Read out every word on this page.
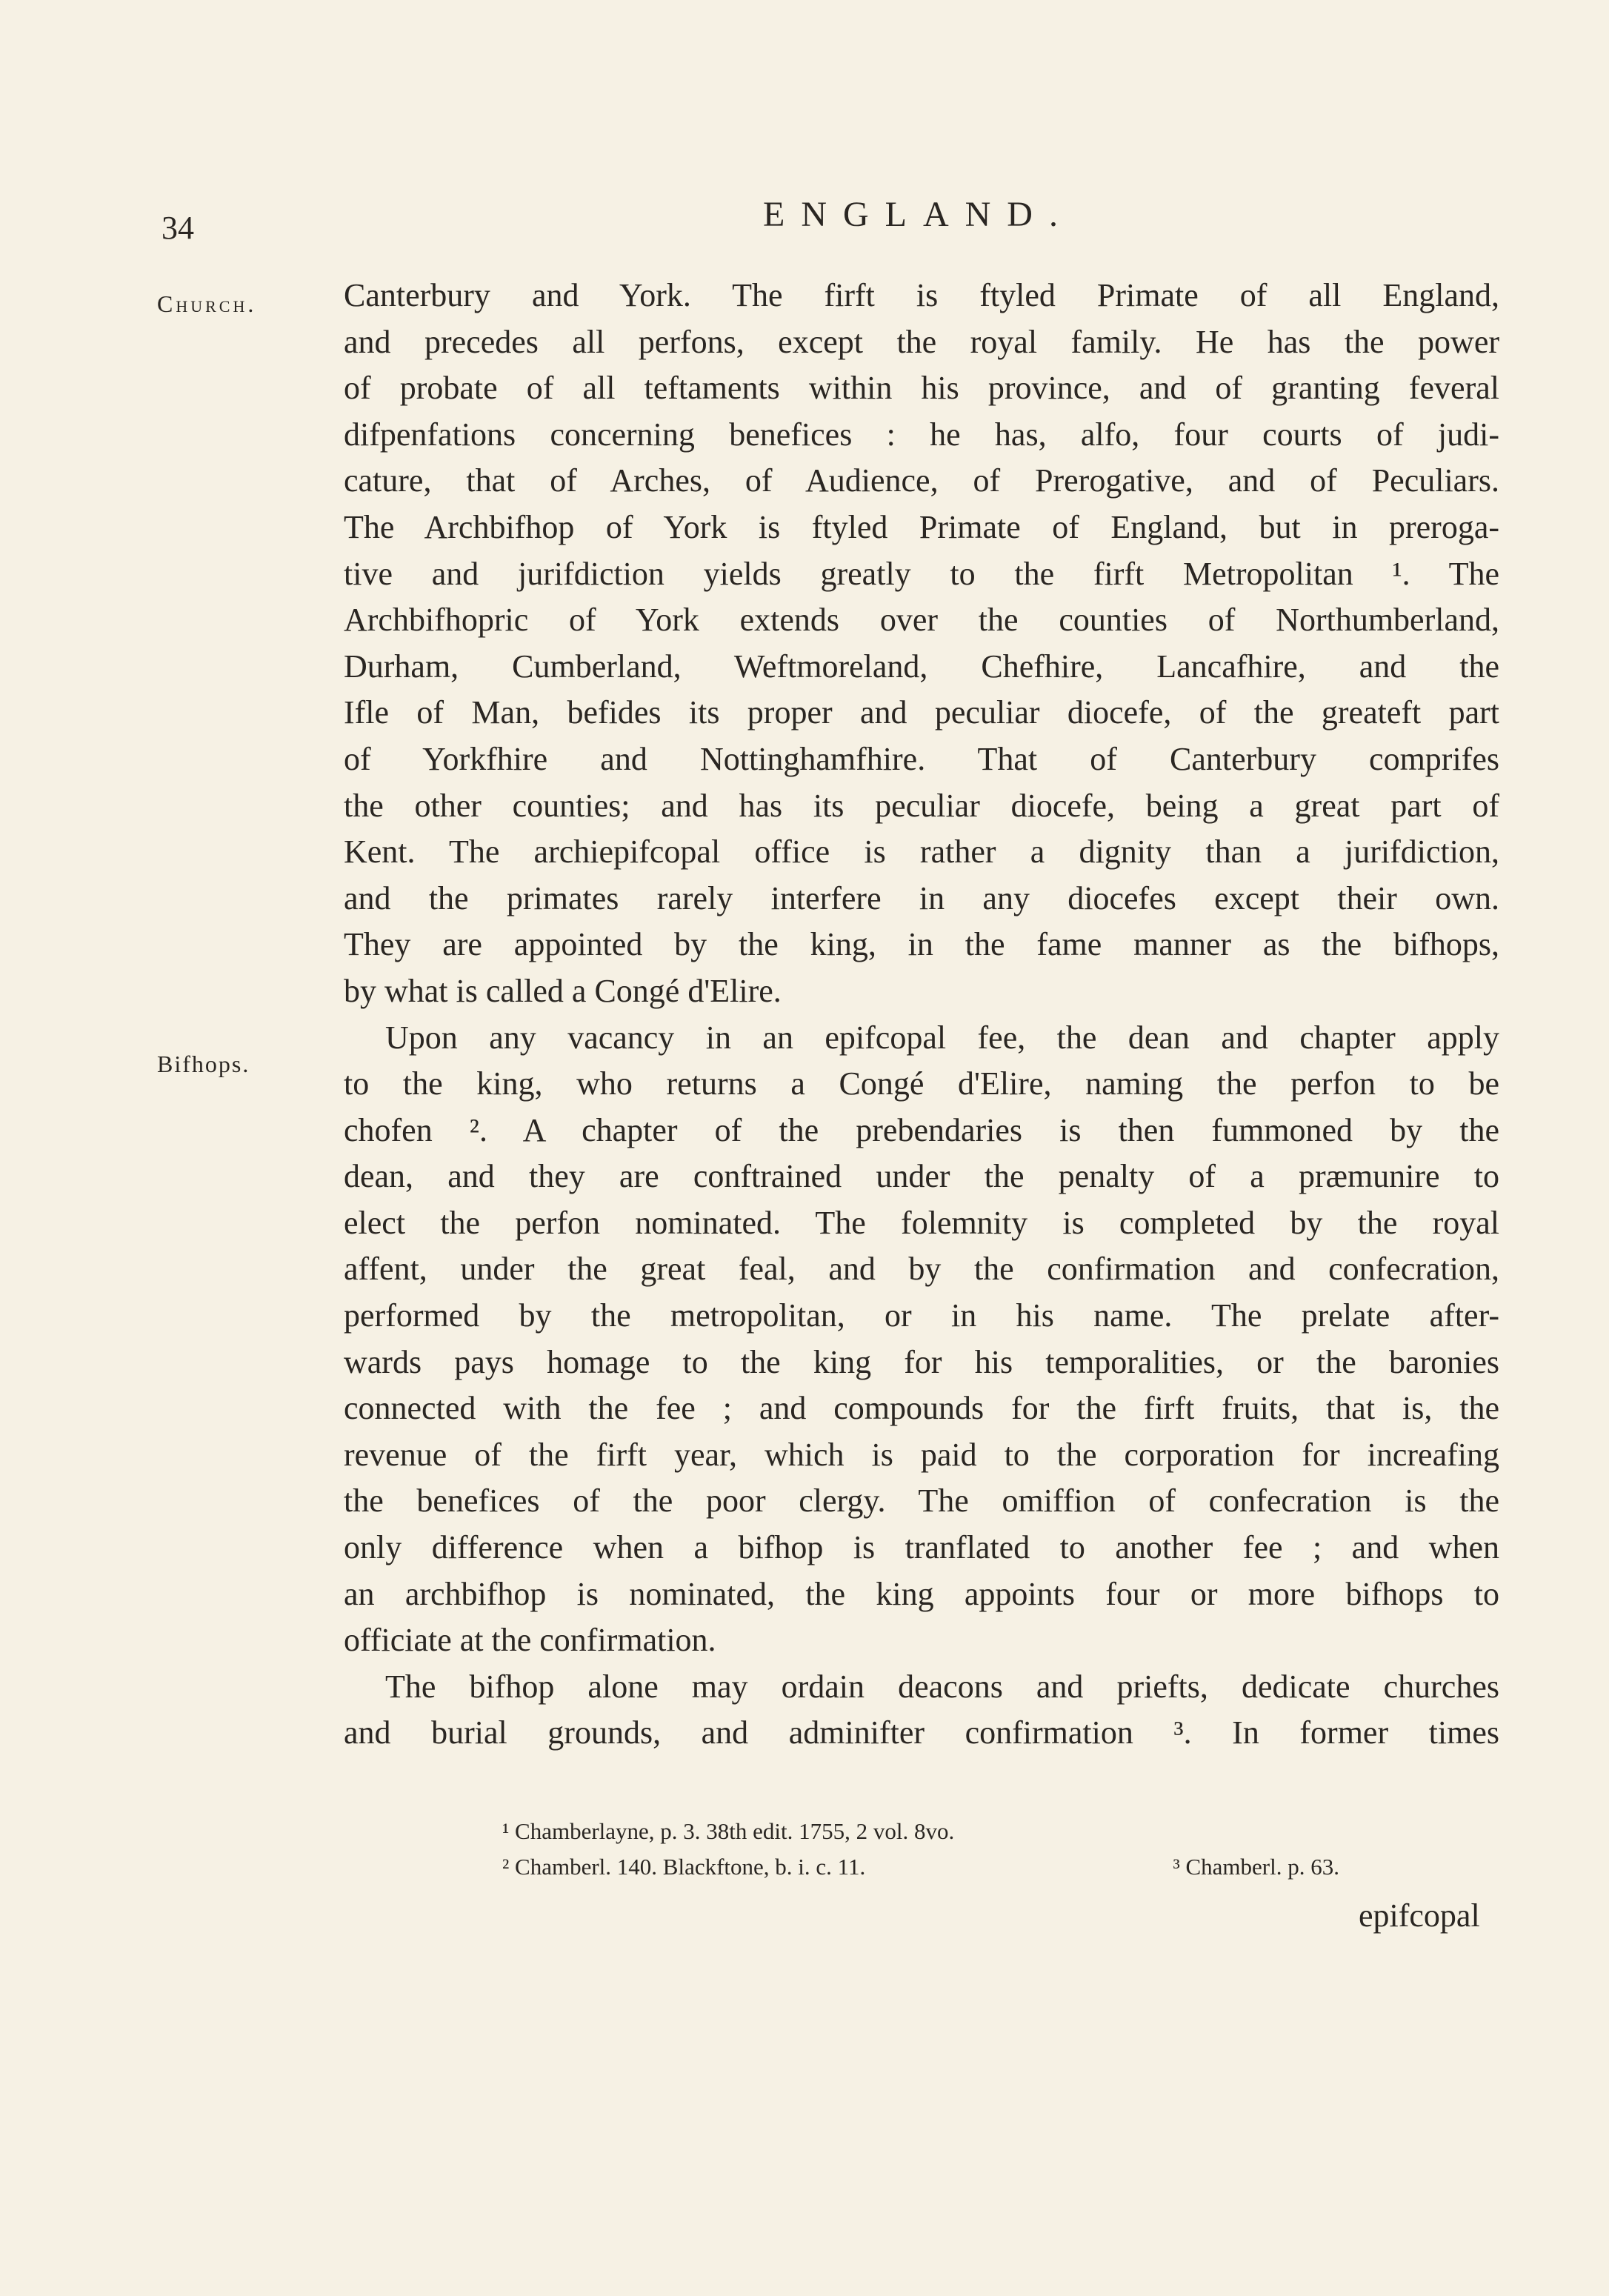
34	ENGLAND.
Church.
Bifhops.
Canterbury and York. The firft is ftyled Primate of all England,
and precedes all perfons, except the royal family. He has the power
of probate of all teftaments within his province, and of granting feveral
difpenfations concerning benefices : he has, alfo, four courts of judi-
cature, that of Arches, of Audience, of Prerogative, and of Peculiars.
The Archbifhop of York is ftyled Primate of England, but in preroga-
tive and jurifdiction yields greatly to the firft Metropolitan ¹. The
Archbifhopric of York extends over the counties of Northumberland,
Durham, Cumberland, Weftmoreland, Chefhire, Lancafhire, and the
Ifle of Man, befides its proper and peculiar diocefe, of the greateft part
of Yorkfhire and Nottinghamfhire. That of Canterbury comprifes
the other counties; and has its peculiar diocefe, being a great part of
Kent. The archiepifcopal office is rather a dignity than a jurifdiction,
and the primates rarely interfere in any diocefes except their own.
They are appointed by the king, in the fame manner as the bifhops,
by what is called a Congé d'Elire.
Upon any vacancy in an epifcopal fee, the dean and chapter apply
to the king, who returns a Congé d'Elire, naming the perfon to be
chofen ². A chapter of the prebendaries is then fummoned by the
dean, and they are conftrained under the penalty of a præmunire to
elect the perfon nominated. The folemnity is completed by the royal
affent, under the great feal, and by the confirmation and confecration,
performed by the metropolitan, or in his name. The prelate after-
wards pays homage to the king for his temporalities, or the baronies
connected with the fee ; and compounds for the firft fruits, that is, the
revenue of the firft year, which is paid to the corporation for increafing
the benefices of the poor clergy. The omiffion of confecration is the
only difference when a bifhop is tranflated to another fee ; and when
an archbifhop is nominated, the king appoints four or more bifhops to
officiate at the confirmation.
The bifhop alone may ordain deacons and priefts, dedicate churches
and burial grounds, and adminifter confirmation ³. In former times
¹ Chamberlayne, p. 3. 38th edit. 1755, 2 vol. 8vo.
² Chamberl. 140. Blackftone, b. i. c. 11.	³ Chamberl. p. 63.
epifcopal
